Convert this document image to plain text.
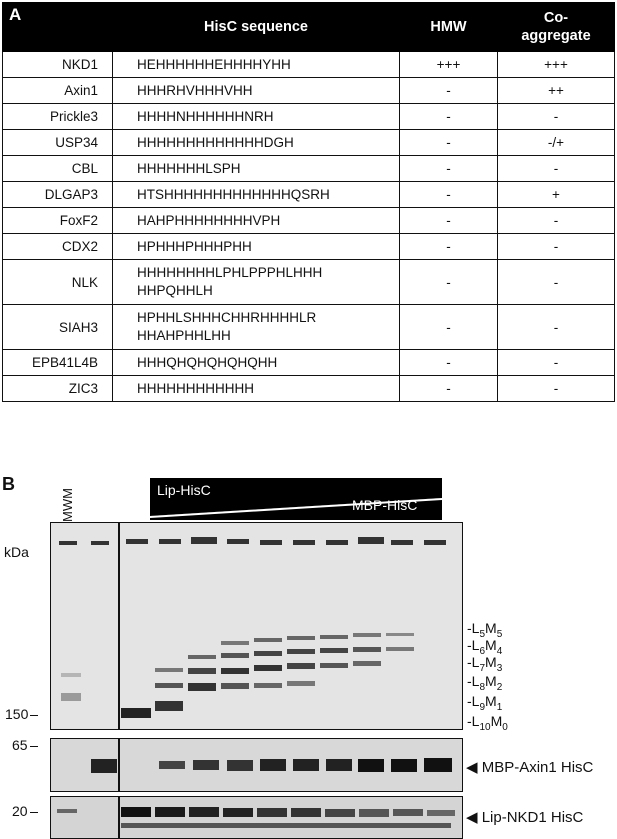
A	HisC sequence	HMW	Co-
aggregate
NKD1	HEHHHHHHEHHHHYHH	+++	+++
Axin1	HHHRHVHHHVHH	-	++
Prickle3	HHHHNHHHHHHNRH	-	-
USP34	HHHHHHHHHHHHHDGH	-	-/+
CBL	HHHHHHHLSPH	-	-
DLGAP3	HTSHHHHHHHHHHHHHQSRH	-	+
FoxF2	HAHPHHHHHHHHVPH	-	-
CDX2	HPHHHPHHHPHH	-	-
NLK	HHHHHHHHLPHLPPPHLHHH
HHPQHHLH	-	-
SIAH3	HPHHLSHHHCHHRHHHHLR
HHAHPHHLHH	-	-
EPB41L4B	HHHQHQHQHQHQHH	-	-
ZIC3	HHHHHHHHHHHH	-	-
B
MWM	Lip-HisC
MBP-HisC
kDa
150
65
20
$-L_5M_5$
$-L_6M_4$
$-L_7M_3$
$-L_8M_2$
$-L_9M_1$
$-L_{10}M_0$
◀ MBP-Axin1 HisC
◀ Lip-NKD1 HisC
